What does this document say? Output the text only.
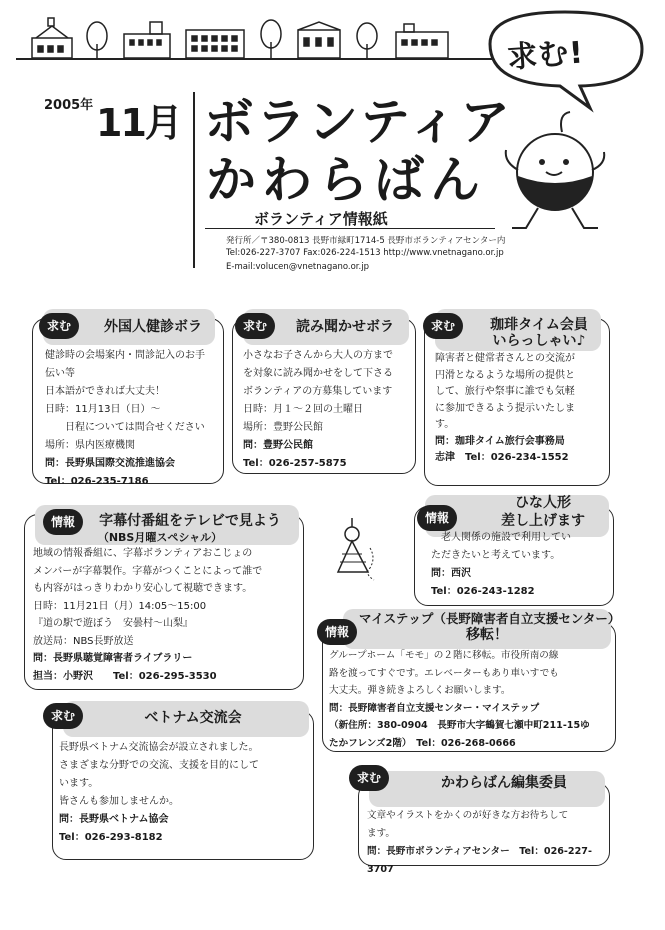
求む!
2005年 11月 ボランティア
かわらばん
ボランティア情報紙
発行所／〒380-0813 長野市緑町1714-5 長野市ボランティアセンター内
Tel:026-227-3707 Fax:026-224-1513 http://www.vnetnagano.or.jp
E-mail:volucen@vnetnagano.or.jp
求む	外国人健診ボラ

健診時の会場案内・問診記入のお手

伝い等

日本語ができれば大丈夫！

日時：11月13日（日）～

　　日程については問合せください

場所：県内医療機関

問：長野県国際交流推進協会

Tel：026-235-7186

求む	読み聞かせボラ

小さなお子さんから大人の方まで

を対象に読み聞かせをして下さる

ボランティアの方募集しています

日時：月１～２回の土曜日

場所：豊野公民館

問：豊野公民館

Tel：026-257-5875

求む	珈琲タイム会員
いらっしゃい♪

障害者と健常者さんとの交流が

円滑となるような場所の提供と

して、旅行や祭事に誰でも気軽

に参加できるよう提示いたしま

す。

問：珈琲タイム旅行会事務局

志津　Tel：026-234-1552

情報	字幕付番組をテレビで見よう
（NBS月曜スペシャル）

地域の情報番組に、字幕ボランティアおこじょの

メンバーが字幕製作。字幕がつくことによって誰で

も内容がはっきりわかり安心して視聴できます。

日時：11月21日（月）14:05～15:00

『道の駅で遊ぼう　安曇村～山梨』

放送局：NBS長野放送

問：長野県聴覚障害者ライブラリー

担当：小野沢　　Tel：026-295-3530

情報
ひな人形
差し上げます

　老人関係の施設で利用してい

ただきたいと考えています。

問：西沢

Tel：026-243-1282

情報
マイステップ（長野障害者自立支援センター）
移転！

グループホーム「モモ」の２階に移転。市役所南の線

路を渡ってすぐです。エレベーターもあり車いすでも

大丈夫。弾き続きよろしくお願いします。

問：長野障害者自立支援センター・マイステップ

（新住所：380-0904　長野市大字鶴賀七瀬中町211-15ゆ

たかフレンズ2階）　Tel：026-268-0666

求む	ベトナム交流会

長野県ベトナム交流協会が設立されました。

さまざまな分野での交流、支援を目的にして

います。

皆さんも参加しませんか。

問：長野県ベトナム協会

Tel：026-293-8182

求む	かわらばん編集委員

文章やイラストをかくのが好きな方お待ちして

ます。

問：長野市ボランティアセンター　Tel：026-227-3707
